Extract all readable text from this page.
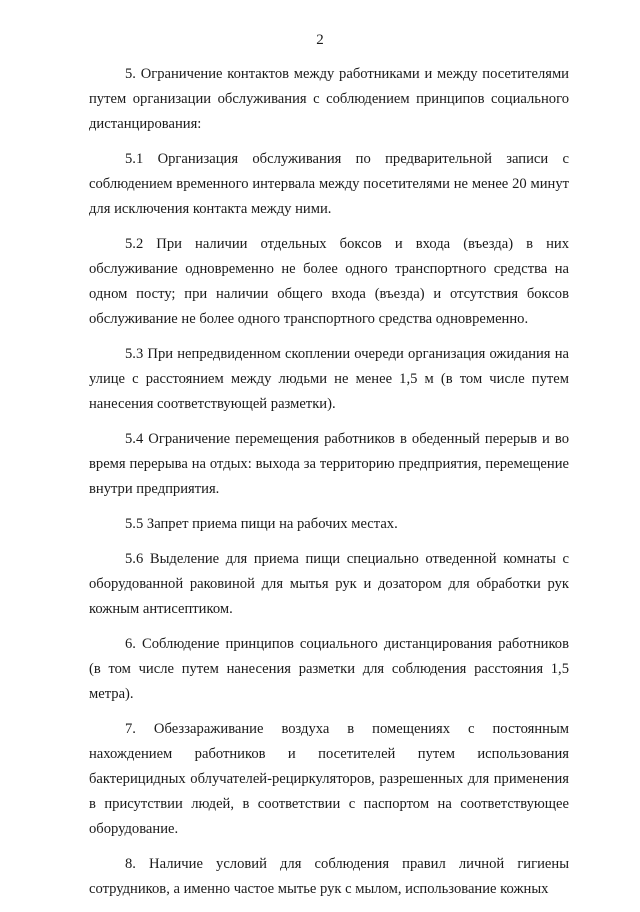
2

5. Ограничение контактов между работниками и между посетителями путем организации обслуживания с соблюдением принципов социального дистанцирования:

5.1 Организация обслуживания по предварительной записи с соблюдением временного интервала между посетителями не менее 20 минут для исключения контакта между ними.

5.2 При наличии отдельных боксов и входа (въезда) в них обслуживание одновременно не более одного транспортного средства на одном посту; при наличии общего входа (въезда) и отсутствия боксов обслуживание не более одного транспортного средства одновременно.

5.3 При непредвиденном скоплении очереди организация ожидания на улице с расстоянием между людьми не менее 1,5 м (в том числе путем нанесения соответствующей разметки).

5.4 Ограничение перемещения работников в обеденный перерыв и во время перерыва на отдых: выхода за территорию предприятия, перемещение внутри предприятия.

5.5 Запрет приема пищи на рабочих местах.

5.6 Выделение для приема пищи специально отведенной комнаты с оборудованной раковиной для мытья рук и дозатором для обработки рук кожным антисептиком.

6. Соблюдение принципов социального дистанцирования работников (в том числе путем нанесения разметки для соблюдения расстояния 1,5 метра).

7. Обеззараживание воздуха в помещениях с постоянным нахождением работников и посетителей путем использования бактерицидных облучателей-рециркуляторов, разрешенных для применения в присутствии людей, в соответствии с паспортом на соответствующее оборудование.

8. Наличие условий для соблюдения правил личной гигиены сотрудников, а именно частое мытье рук с мылом, использование кожных
